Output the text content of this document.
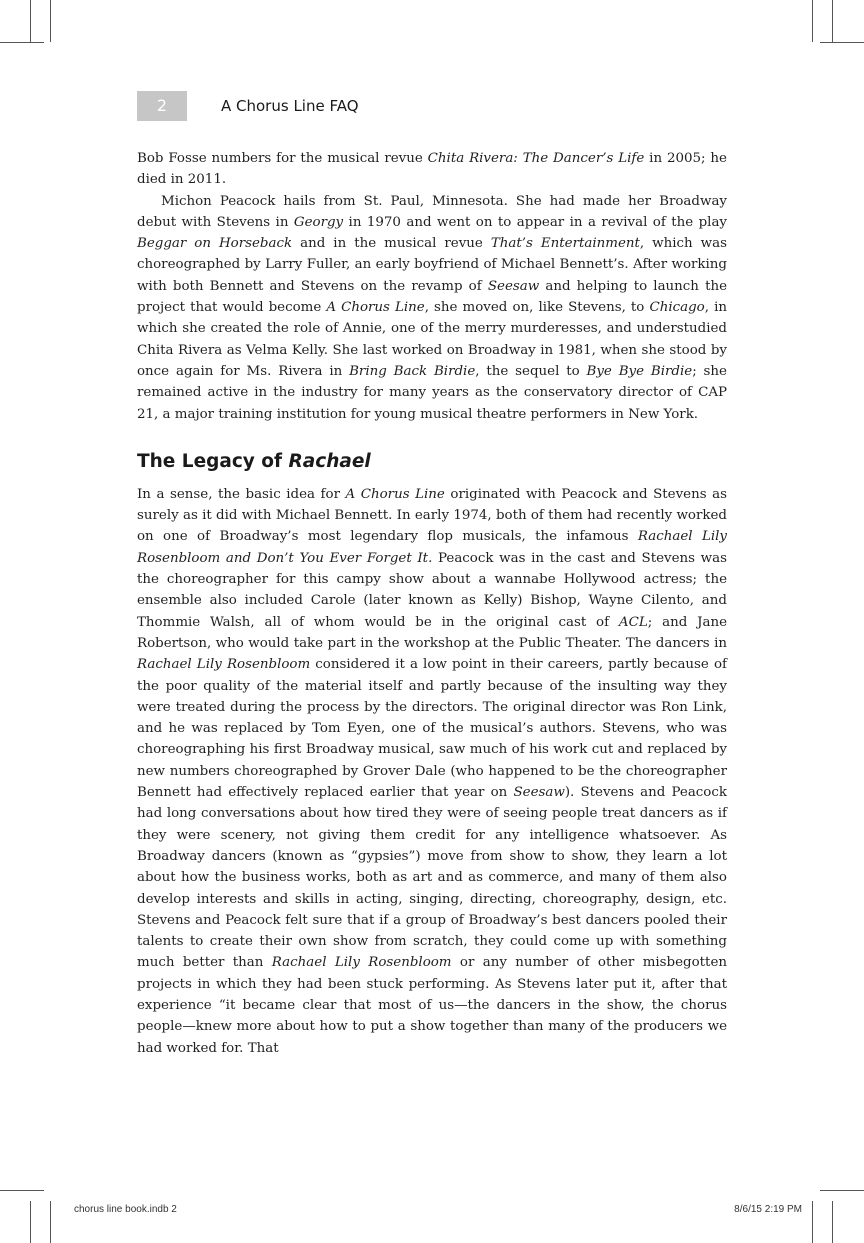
2	A Chorus Line FAQ

Bob Fosse numbers for the musical revue Chita Rivera: The Dancer’s Life in 2005; he died in 2011.

Michon Peacock hails from St. Paul, Minnesota. She had made her Broadway debut with Stevens in Georgy in 1970 and went on to appear in a revival of the play Beggar on Horseback and in the musical revue That’s Entertainment, which was choreographed by Larry Fuller, an early boyfriend of Michael Bennett’s. After working with both Bennett and Stevens on the revamp of Seesaw and helping to launch the project that would become A Chorus Line, she moved on, like Stevens, to Chicago, in which she created the role of Annie, one of the merry murderesses, and understudied Chita Rivera as Velma Kelly. She last worked on Broadway in 1981, when she stood by once again for Ms. Rivera in Bring Back Birdie, the sequel to Bye Bye Birdie; she remained active in the industry for many years as the conservatory director of CAP 21, a major training institution for young musical theatre performers in New York.

The Legacy of Rachael

In a sense, the basic idea for A Chorus Line originated with Peacock and Stevens as surely as it did with Michael Bennett. In early 1974, both of them had recently worked on one of Broadway’s most legendary flop musicals, the infamous Rachael Lily Rosenbloom and Don’t You Ever Forget It. Peacock was in the cast and Stevens was the choreographer for this campy show about a wannabe Hollywood actress; the ensemble also included Carole (later known as Kelly) Bishop, Wayne Cilento, and Thommie Walsh, all of whom would be in the original cast of ACL; and Jane Robertson, who would take part in the workshop at the Public Theater. The dancers in Rachael Lily Rosenbloom considered it a low point in their careers, partly because of the poor quality of the material itself and partly because of the insulting way they were treated during the process by the directors. The original director was Ron Link, and he was replaced by Tom Eyen, one of the musical’s authors. Stevens, who was choreographing his first Broadway musical, saw much of his work cut and replaced by new numbers choreographed by Grover Dale (who happened to be the choreographer Bennett had effectively replaced earlier that year on Seesaw). Stevens and Peacock had long conversations about how tired they were of seeing people treat dancers as if they were scenery, not giving them credit for any intelligence whatsoever. As Broadway dancers (known as “gypsies”) move from show to show, they learn a lot about how the business works, both as art and as commerce, and many of them also develop interests and skills in acting, singing, directing, choreography, design, etc. Stevens and Peacock felt sure that if a group of Broadway’s best dancers pooled their talents to create their own show from scratch, they could come up with something much better than Rachael Lily Rosenbloom or any number of other misbegotten projects in which they had been stuck performing. As Stevens later put it, after that experience “it became clear that most of us—the dancers in the show, the chorus people—knew more about how to put a show together than many of the producers we had worked for. That

chorus line book.indb 2	8/6/15 2:19 PM
